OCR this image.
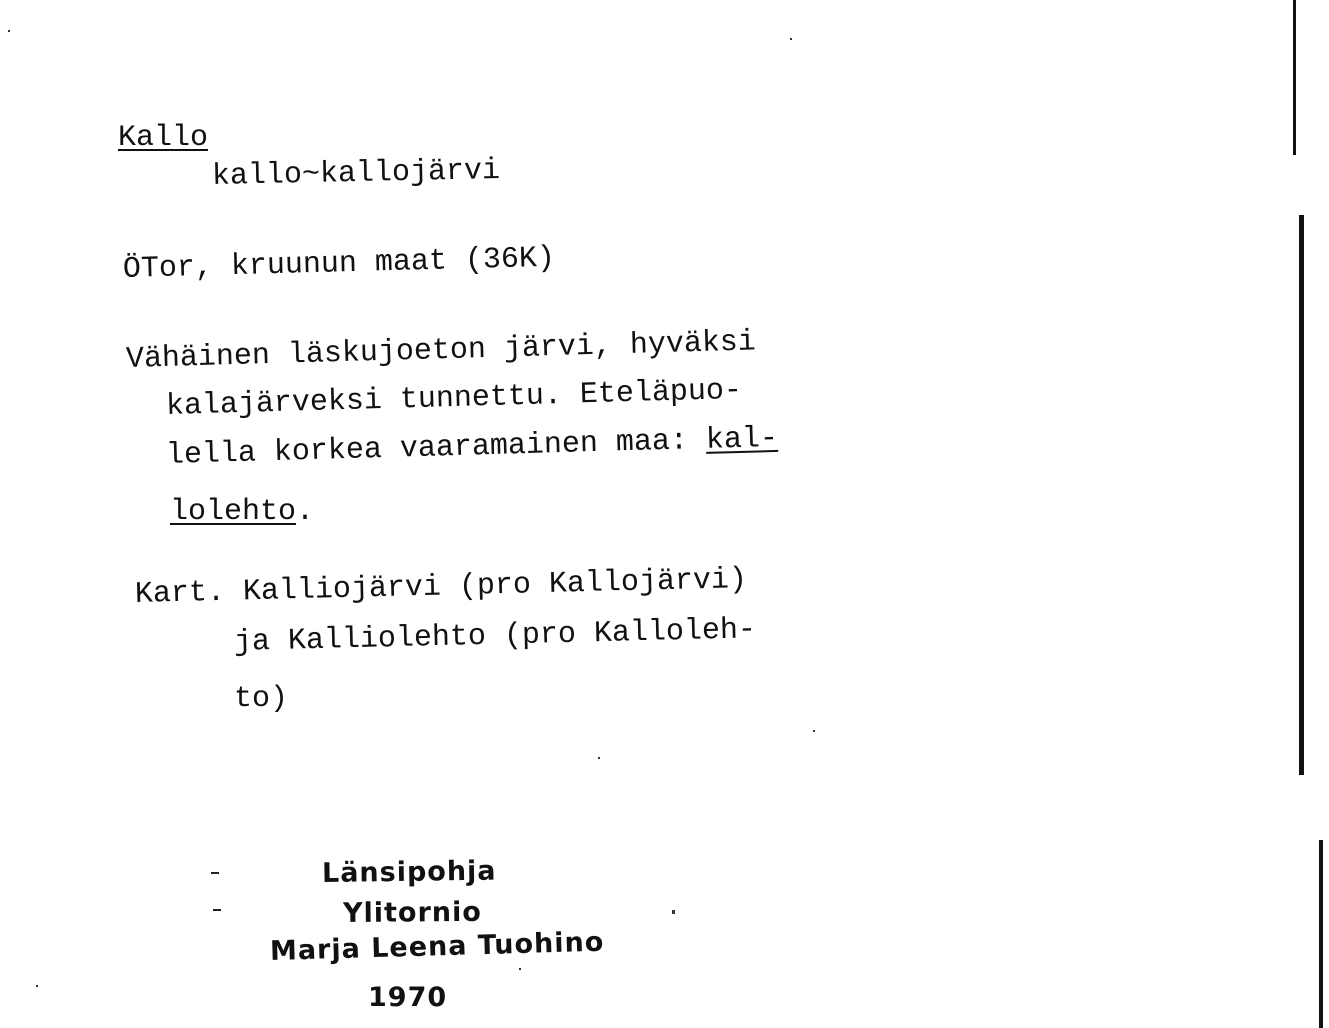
Kallo
kallo~kallojärvi
ÖTor, kruunun maat (36K)
Vähäinen läskujoeton järvi, hyväksi
kalajärveksi tunnettu. Eteläpuo-
lella korkea vaaramainen maa: kal-
lolehto.
Kart. Kalliojärvi (pro Kallojärvi)
ja Kalliolehto (pro Kalloleh-
to)
Länsipohja
Ylitornio
Marja Leena Tuohino
1970
